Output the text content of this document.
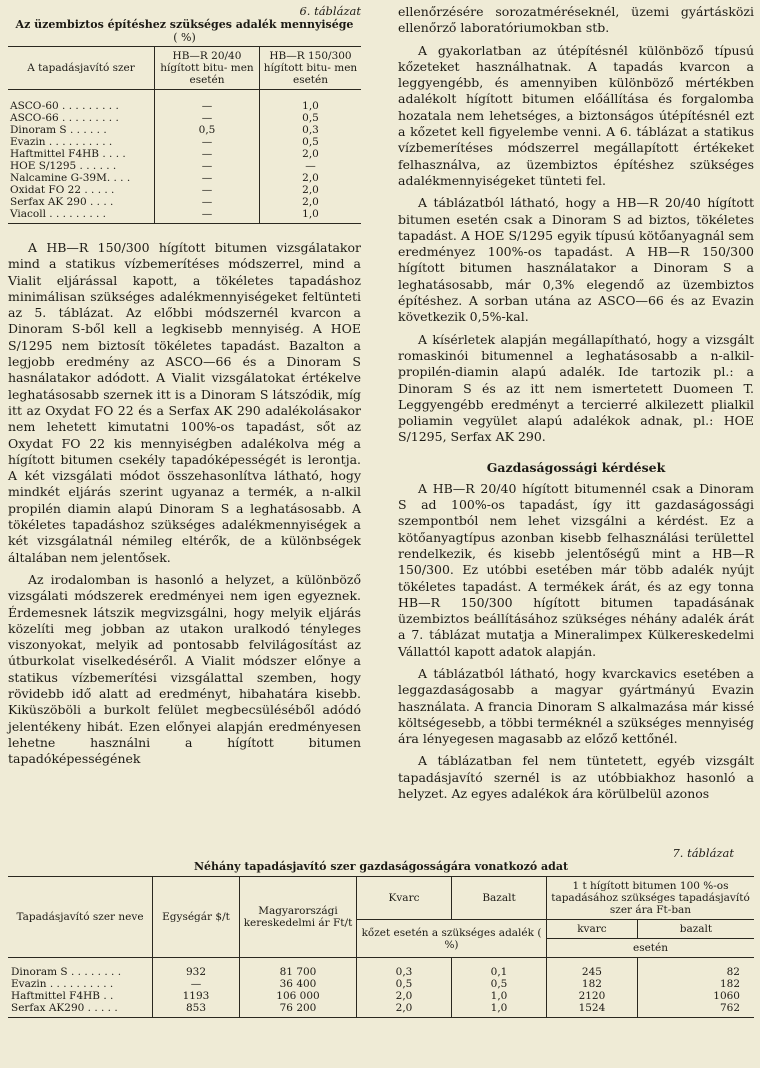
6. táblázat
Az üzembiztos építéshez szükséges adalék mennyisége
( %)
A tapadásjavító szer	HB—R 20/40 hígított bitu- men esetén	HB—R 150/300 hígított bitu- men esetén
ASCO-60 . . . . . . . . .	—	1,0
ASCO-66 . . . . . . . . .	—	0,5
Dinoram S . . . . . .	0,5	0,3
Evazin . . . . . . . . . .	—	0,5
Haftmittel F4HB . . . .	—	2,0
HOE S/1295 . . . . . .	—	—
Nalcamine G-39M. . . .	—	2,0
Oxidat FO 22 . . . . .	—	2,0
Serfax AK 290 . . . .	—	2,0
Viacoll . . . . . . . . .	—	1,0

A HB—R 150/300 hígított bitumen vizsgálatakor mind a statikus vízbemerítéses módszerrel, mind a Vialit eljárással kapott, a tökéletes tapadáshoz minimálisan szükséges adalékmennyiségeket feltünteti az 5. táblázat. Az előbbi módszernél kvarcon a Dinoram S-ből kell a legkisebb mennyiség. A HOE S/1295 nem biztosít tökéletes tapadást. Bazalton a legjobb eredmény az ASCO—66 és a Dinoram S hasnálatakor adódott. A Vialit vizsgálatokat értékelve leghatásosabb szernek itt is a Dinoram S látszódik, míg itt az Oxydat FO 22 és a Serfax AK 290 adalékolásakor nem lehetett kimutatni 100%-os tapadást, sőt az Oxydat FO 22 kis mennyiségben adalékolva még a hígított bitumen csekély tapadóképességét is lerontja. A két vizsgálati módot összehasonlítva látható, hogy mindkét eljárás szerint ugyanaz a termék, a n-alkil propilén diamin alapú Dinoram S a leghatásosabb. A tökéletes tapadáshoz szükséges adalékmennyiségek a két vizsgálatnál némileg eltérők, de a különbségek általában nem jelentősek.

Az irodalomban is hasonló a helyzet, a különböző vizsgálati módszerek eredményei nem igen egyeznek. Érdemesnek látszik megvizsgálni, hogy melyik eljárás közelíti meg jobban az utakon uralkodó tényleges viszonyokat, melyik ad pontosabb felvilágosítást az útburkolat viselkedéséről. A Vialit módszer előnye a statikus vízbemerítési vizsgálattal szemben, hogy rövidebb idő alatt ad eredményt, hibahatára kisebb. Kiküszöböli a burkolt felület megbecsüléséből adódó jelentékeny hibát. Ezen előnyei alapján eredményesen lehetne használni a hígított bitumen tapadóképességének

ellenőrzésére sorozatméréseknél, üzemi gyártásközi ellenőrző laboratóriumokban stb.

A gyakorlatban az útépítésnél különböző típusú kőzeteket használhatnak. A tapadás kvarcon a leggyengébb, és amennyiben különböző mértékben adalékolt hígított bitumen előállítása és forgalomba hozatala nem lehetséges, a biztonságos útépítésnél ezt a kőzetet kell figyelembe venni. A 6. táblázat a statikus vízbemerítéses módszerrel megállapított értékeket felhasználva, az üzembiztos építéshez szükséges adalékmennyiségeket tünteti fel.

A táblázatból látható, hogy a HB—R 20/40 hígított bitumen esetén csak a Dinoram S ad biztos, tökéletes tapadást. A HOE S/1295 egyik típusú kötőanyagnál sem eredményez 100%-os tapadást. A HB—R 150/300 hígított bitumen használatakor a Dinoram S a leghatásosabb, már 0,3% elegendő az üzembiztos építéshez. A sorban utána az ASCO—66 és az Evazin következik 0,5%-kal.

A kísérletek alapján megállapítható, hogy a vizsgált romaskinói bitumennel a leghatásosabb a n-alkil-propilén-diamin alapú adalék. Ide tartozik pl.: a Dinoram S és az itt nem ismertetett Duomeen T. Leggyengébb eredményt a tercierré alkilezett plialkil poliamin vegyület alapú adalékok adnak, pl.: HOE S/1295, Serfax AK 290.

Gazdaságossági kérdések

A HB—R 20/40 hígított bitumennél csak a Dinoram S ad 100%-os tapadást, így itt gazdaságossági szempontból nem lehet vizsgálni a kérdést. Ez a kötőanyagtípus azonban kisebb felhasználási területtel rendelkezik, és kisebb jelentőségű mint a HB—R 150/300. Ez utóbbi esetében már több adalék nyújt tökéletes tapadást. A termékek árát, és az egy tonna HB—R 150/300 hígított bitumen tapadásának üzembiztos beállításához szükséges néhány adalék árát a 7. táblázat mutatja a Mineralimpex Külkereskedelmi Vállattól kapott adatok alapján.

A táblázatból látható, hogy kvarckavics esetében a leggazdaságosabb a magyar gyártmányú Evazin használata. A francia Dinoram S alkalmazása már kissé költségesebb, a többi terméknél a szükséges mennyiség ára lényegesen magasabb az előző kettőnél.

A táblázatban fel nem tüntetett, egyéb vizsgált tapadásjavító szernél is az utóbbiakhoz hasonló a helyzet. Az egyes adalékok ára körülbelül azonos

7. táblázat
Néhány tapadásjavító szer gazdaságosságára vonatkozó adat
Tapadásjavító szer neve	Egységár $/t	Magyarországi kereskedelmi ár Ft/t	Kvarc	Bazalt	1 t hígított bitumen 100 %-os tapadásához szükséges tapadásjavító szer ára Ft-ban	
			kőzet esetén a szükséges adalék ( %)		kvarc	bazalt
					esetén	
Dinoram S . . . . . . . .	932	81 700	0,3	0,1	245	82
Evazin . . . . . . . . . .	—	36 400	0,5	0,5	182	182
Haftmittel F4HB . .	1193	106 000	2,0	1,0	2120	1060
Serfax AK290 . . . . .	853	76 200	2,0	1,0	1524	762
